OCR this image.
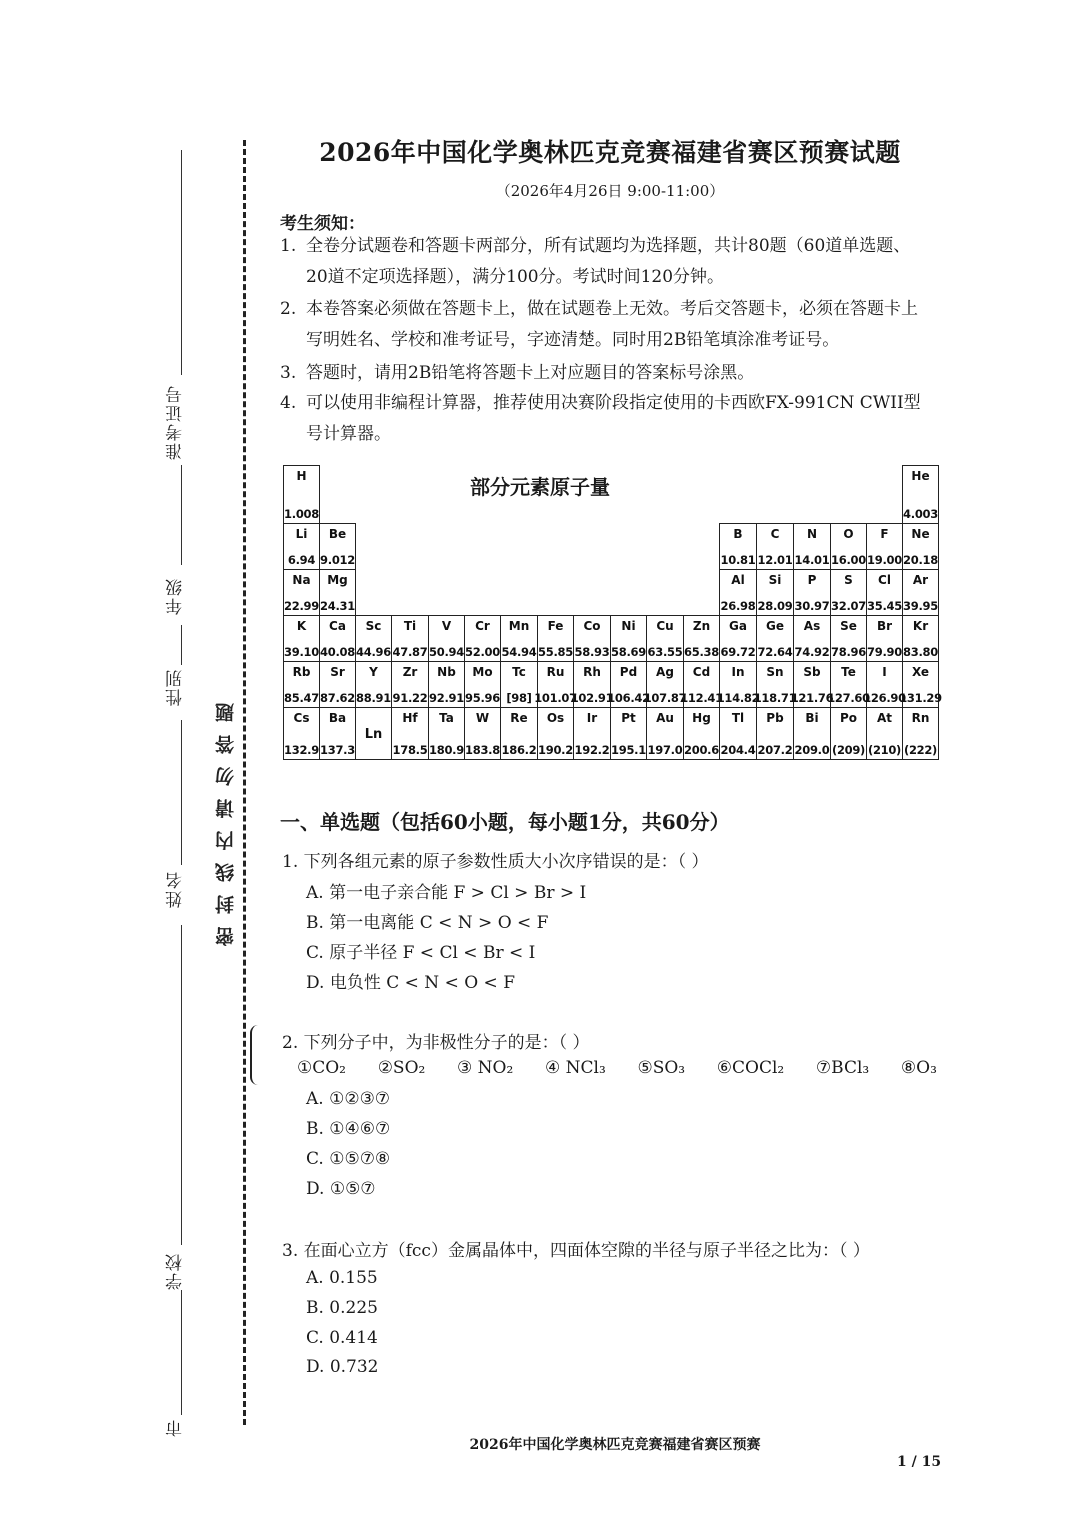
准考证号
年级
性别
姓名
学校
市
密封线内请勿答题
2026年中国化学奥林匹克竞赛福建省赛区预赛试题
（2026年4月26日 9:00-11:00）
考生须知：
1. 全卷分试题卷和答题卡两部分，所有试题均为选择题，共计80题（60道单选题、
20道不定项选择题），满分100分。考试时间120分钟。
2. 本卷答案必须做在答题卡上，做在试题卷上无效。考后交答题卡，必须在答题卡上
写明姓名、学校和准考证号，字迹清楚。同时用2B铅笔填涂准考证号。
3. 答题时，请用2B铅笔将答题卡上对应题目的答案标号涂黑。
4. 可以使用非编程计算器，推荐使用决赛阶段指定使用的卡西欧FX-991CN CWII型
号计算器。
部分元素原子量
H
1.008
He
4.003
Li
6.94
Be
9.012
B
10.81
C
12.01
N
14.01
O
16.00
F
19.00
Ne
20.18
Na
22.99
Mg
24.31
Al
26.98
Si
28.09
P
30.97
S
32.07
Cl
35.45
Ar
39.95
K
39.10
Ca
40.08
Sc
44.96
Ti
47.87
V
50.94
Cr
52.00
Mn
54.94
Fe
55.85
Co
58.93
Ni
58.69
Cu
63.55
Zn
65.38
Ga
69.72
Ge
72.64
As
74.92
Se
78.96
Br
79.90
Kr
83.80
Rb
85.47
Sr
87.62
Y
88.91
Zr
91.22
Nb
92.91
Mo
95.96
Tc
[98]
Ru
101.07
Rh
102.91
Pd
106.42
Ag
107.87
Cd
112.41
In
114.82
Sn
118.71
Sb
121.76
Te
127.60
I
126.90
Xe
131.29
Cs
132.9
Ba
137.3
Ln
Hf
178.5
Ta
180.9
W
183.8
Re
186.2
Os
190.2
Ir
192.2
Pt
195.1
Au
197.0
Hg
200.6
Tl
204.4
Pb
207.2
Bi
209.0
Po
(209)
At
(210)
Rn
(222)
一、单选题（包括60小题，每小题1分，共60分）
1. 下列各组元素的原子参数性质大小次序错误的是：（ ）
A. 第一电子亲合能 F > Cl > Br > I
B. 第一电离能 C < N > O < F
C. 原子半径 F < Cl < Br < I
D. 电负性 C < N < O < F
2. 下列分子中，为非极性分子的是：（ ）
①CO₂ ②SO₂ ③ NO₂ ④ NCl₃ ⑤SO₃ ⑥COCl₂ ⑦BCl₃ ⑧O₃
A. ①②③⑦
B. ①④⑥⑦
C. ①⑤⑦⑧
D. ①⑤⑦
3. 在面心立方（fcc）金属晶体中，四面体空隙的半径与原子半径之比为：（ ）
A. 0.155
B. 0.225
C. 0.414
D. 0.732
2026年中国化学奥林匹克竞赛福建省赛区预赛
1 / 15
